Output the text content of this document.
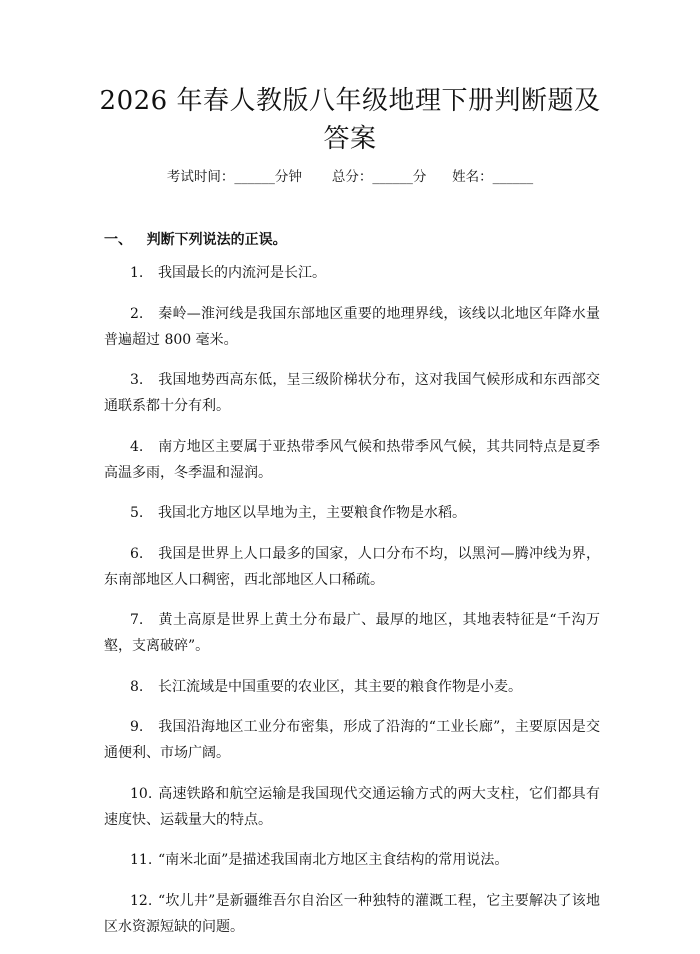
2026 年春人教版八年级地理下册判断题及答案
考试时间：______分钟 总分：______分 姓名：______
一、 判断下列说法的正误。
1. 我国最长的内流河是长江。
2. 秦岭—淮河线是我国东部地区重要的地理界线，该线以北地区年降水量普遍超过 800 毫米。
3. 我国地势西高东低，呈三级阶梯状分布，这对我国气候形成和东西部交通联系都十分有利。
4. 南方地区主要属于亚热带季风气候和热带季风气候，其共同特点是夏季高温多雨，冬季温和湿润。
5. 我国北方地区以旱地为主，主要粮食作物是水稻。
6. 我国是世界上人口最多的国家，人口分布不均，以黑河—腾冲线为界，东南部地区人口稠密，西北部地区人口稀疏。
7. 黄土高原是世界上黄土分布最广、最厚的地区，其地表特征是“千沟万壑，支离破碎”。
8. 长江流域是中国重要的农业区，其主要的粮食作物是小麦。
9. 我国沿海地区工业分布密集，形成了沿海的“工业长廊”，主要原因是交通便利、市场广阔。
10. 高速铁路和航空运输是我国现代交通运输方式的两大支柱，它们都具有速度快、运载量大的特点。
11. “南米北面”是描述我国南北方地区主食结构的常用说法。
12. “坎儿井”是新疆维吾尔自治区一种独特的灌溉工程，它主要解决了该地区水资源短缺的问题。
